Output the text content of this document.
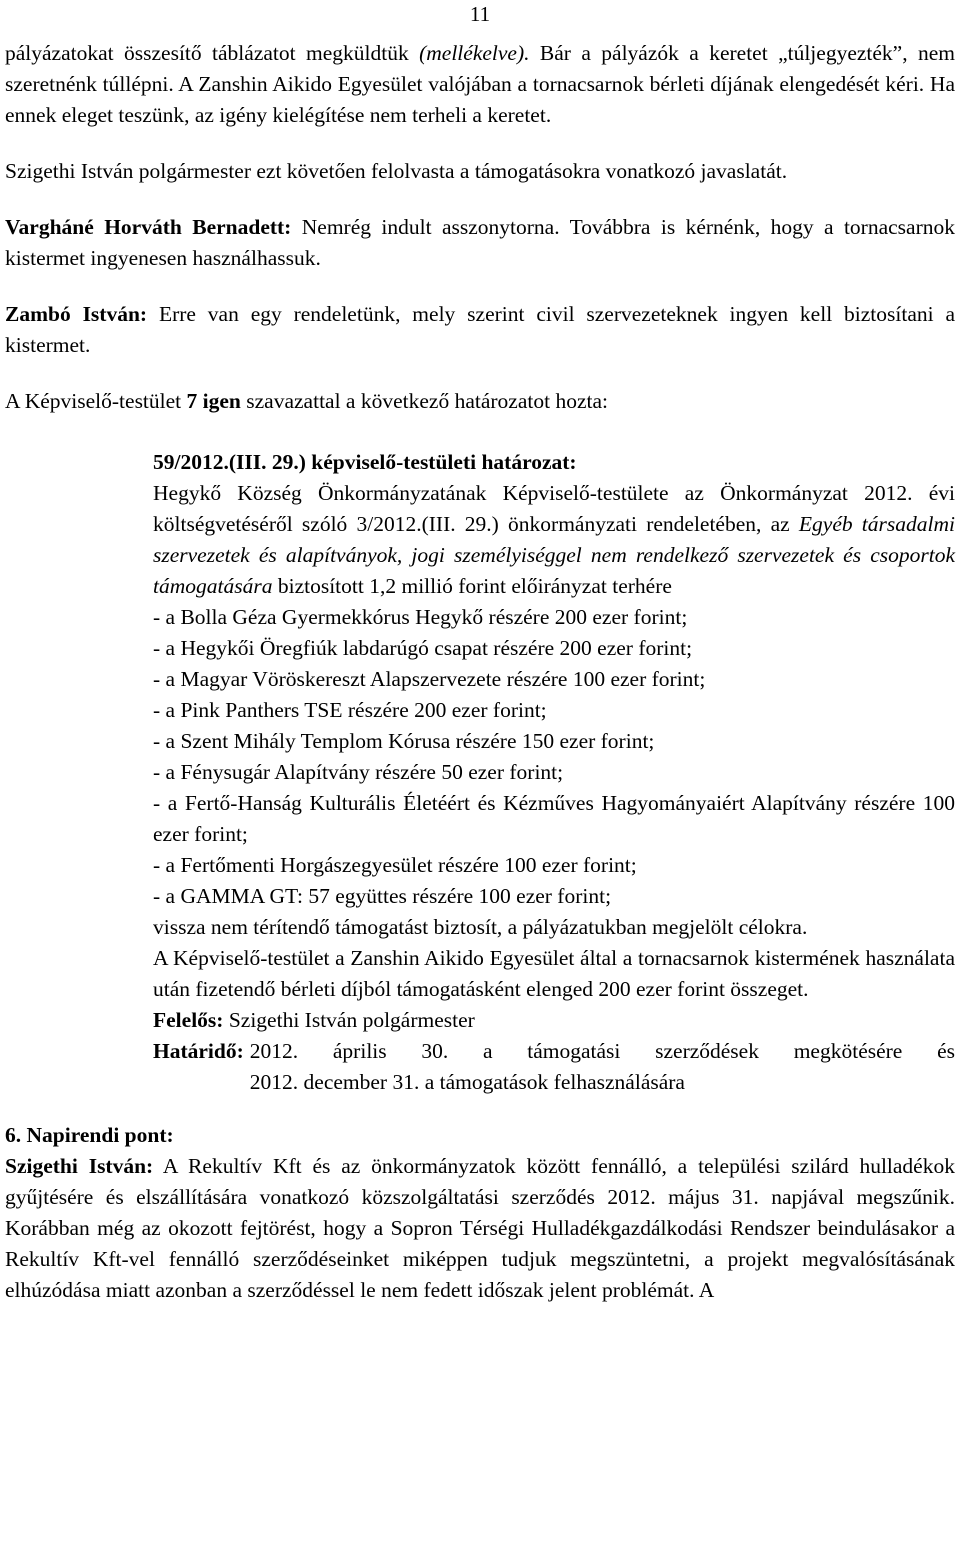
11

pályázatokat összesítő táblázatot megküldtük (mellékelve). Bár a pályázók a keretet „túljegyezték”, nem szeretnénk túllépni. A Zanshin Aikido Egyesület valójában a tornacsarnok bérleti díjának elengedését kéri. Ha ennek eleget teszünk, az igény kielégítése nem terheli a keretet.

Szigethi István polgármester ezt követően felolvasta a támogatásokra vonatkozó javaslatát.

Vargháné Horváth Bernadett: Nemrég indult asszonytorna. Továbbra is kérnénk, hogy a tornacsarnok kistermet ingyenesen használhassuk.

Zambó István: Erre van egy rendeletünk, mely szerint civil szervezeteknek ingyen kell biztosítani a kistermet.

A Képviselő-testület 7 igen szavazattal a következő határozatot hozta:

59/2012.(III. 29.) képviselő-testületi határozat:

Hegykő Község Önkormányzatának Képviselő-testülete az Önkormányzat 2012. évi költségvetéséről szóló 3/2012.(III. 29.) önkormányzati rendeletében, az Egyéb társadalmi szervezetek és alapítványok, jogi személyiséggel nem rendelkező szervezetek és csoportok támogatására biztosított 1,2 millió forint előirányzat terhére

- a Bolla Géza Gyermekkórus Hegykő részére 200 ezer forint;

- a Hegykői Öregfiúk labdarúgó csapat részére 200 ezer forint;

- a Magyar Vöröskereszt Alapszervezete részére 100 ezer forint;

- a Pink Panthers TSE részére 200 ezer forint;

- a Szent Mihály Templom Kórusa részére 150 ezer forint;

- a Fénysugár Alapítvány részére 50 ezer forint;

- a Fertő-Hanság Kulturális Életéért és Kézműves Hagyományaiért Alapítvány részére 100 ezer forint;

- a Fertőmenti Horgászegyesület részére 100 ezer forint;

- a GAMMA GT: 57 együttes részére 100 ezer forint;

vissza nem térítendő támogatást biztosít, a pályázatukban megjelölt célokra.

A Képviselő-testület a Zanshin Aikido Egyesület által a tornacsarnok kistermének használata után fizetendő bérleti díjból támogatásként elenged 200 ezer forint összeget.

Felelős: Szigethi István polgármester

Határidő: 2012. április 30. a támogatási szerződések megkötésére és
2012. december 31. a támogatások felhasználására

6. Napirendi pont:

Szigethi István: A Rekultív Kft és az önkormányzatok között fennálló, a települési szilárd hulladékok gyűjtésére és elszállítására vonatkozó közszolgáltatási szerződés 2012. május 31. napjával megszűnik. Korábban még az okozott fejtörést, hogy a Sopron Térségi Hulladékgazdálkodási Rendszer beindulásakor a Rekultív Kft-vel fennálló szerződéseinket miképpen tudjuk megszüntetni, a projekt megvalósításának elhúzódása miatt azonban a szerződéssel le nem fedett időszak jelent problémát. A
